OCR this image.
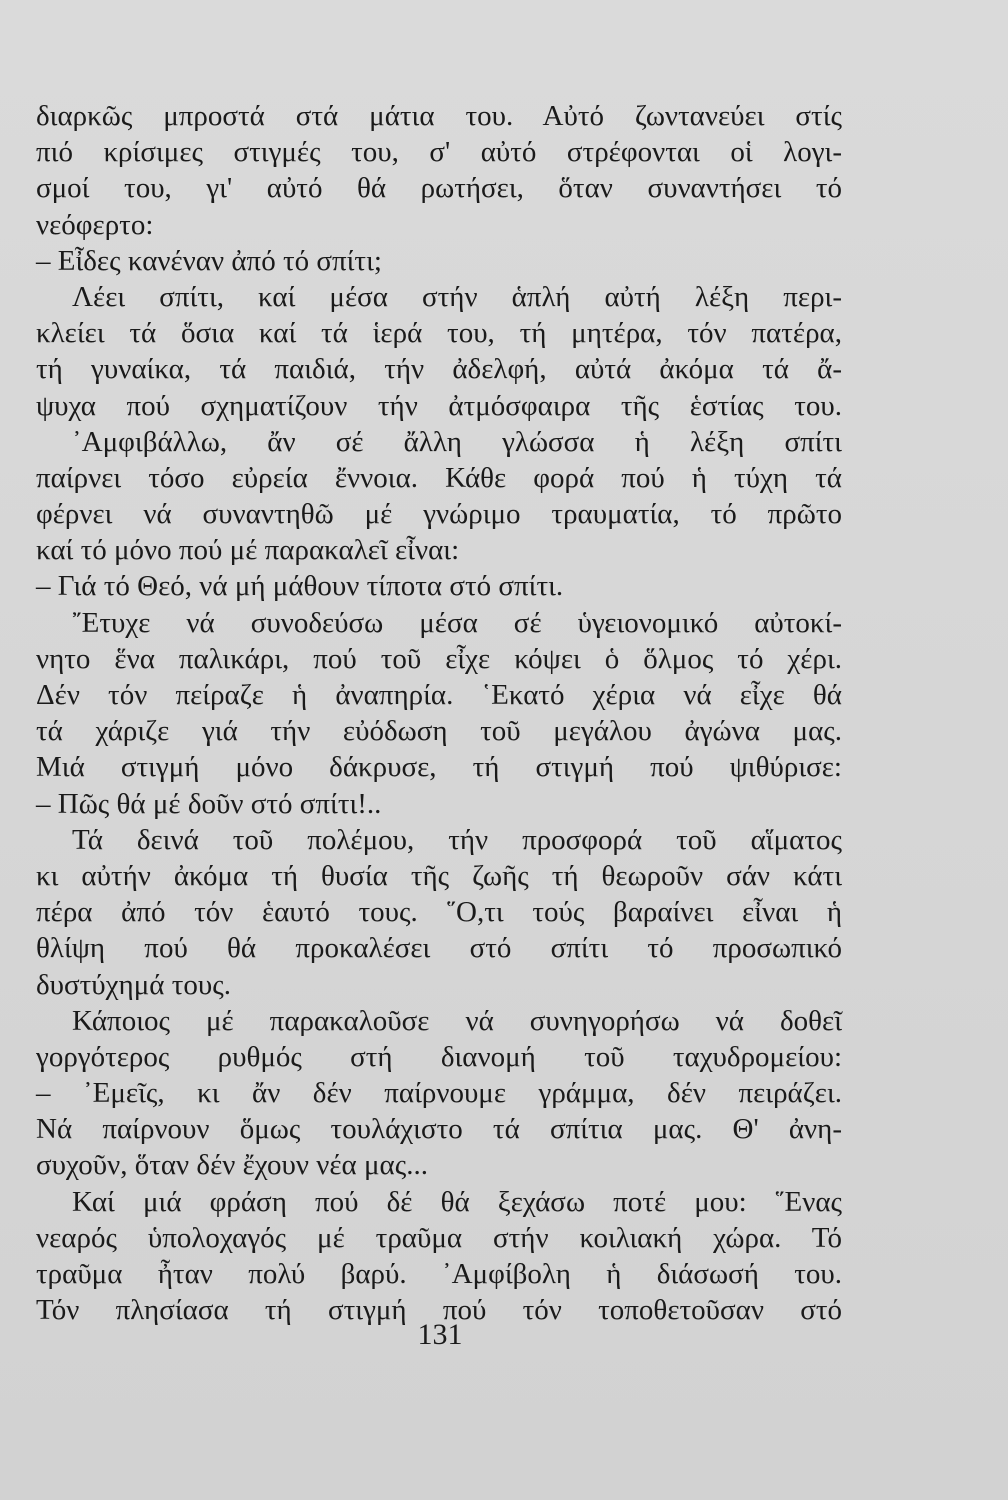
διαρκῶς μπροστά στά μάτια του. Αὐτό ζωντανεύει στίς
πιό κρίσιμες στιγμές του, σ' αὐτό στρέφονται οἱ λογι-
σμοί του, γι' αὐτό θά ρωτήσει, ὅταν συναντήσει τό
νεόφερτο:
– Εἶδες κανέναν ἀπό τό σπίτι;
Λέει σπίτι, καί μέσα στήν ἁπλή αὐτή λέξη περι-
κλείει τά ὅσια καί τά ἱερά του, τή μητέρα, τόν πατέρα,
τή γυναίκα, τά παιδιά, τήν ἀδελφή, αὐτά ἀκόμα τά ἄ-
ψυχα πού σχηματίζουν τήν ἀτμόσφαιρα τῆς ἑστίας του.
᾿Αμφιβάλλω, ἄν σέ ἄλλη γλώσσα ἡ λέξη σπίτι
παίρνει τόσο εὐρεία ἔννοια. Κάθε φορά πού ἡ τύχη τά
φέρνει νά συναντηθῶ μέ γνώριμο τραυματία, τό πρῶτο
καί τό μόνο πού μέ παρακαλεῖ εἶναι:
– Γιά τό Θεό, νά μή μάθουν τίποτα στό σπίτι.
῎Ετυχε νά συνοδεύσω μέσα σέ ὑγειονομικό αὐτοκί-
νητο ἕνα παλικάρι, πού τοῦ εἶχε κόψει ὁ ὅλμος τό χέρι.
Δέν τόν πείραζε ἡ ἀναπηρία. ῾Εκατό χέρια νά εἶχε θά
τά χάριζε γιά τήν εὐόδωση τοῦ μεγάλου ἀγώνα μας.
Μιά στιγμή μόνο δάκρυσε, τή στιγμή πού ψιθύρισε:
– Πῶς θά μέ δοῦν στό σπίτι!..
Τά δεινά τοῦ πολέμου, τήν προσφορά τοῦ αἵματος
κι αὐτήν ἀκόμα τή θυσία τῆς ζωῆς τή θεωροῦν σάν κάτι
πέρα ἀπό τόν ἑαυτό τους. ῞Ο,τι τούς βαραίνει εἶναι ἡ
θλίψη πού θά προκαλέσει στό σπίτι τό προσωπικό
δυστύχημά τους.
Κάποιος μέ παρακαλοῦσε νά συνηγορήσω νά δοθεῖ
γοργότερος ρυθμός στή διανομή τοῦ ταχυδρομείου:
– ᾿Εμεῖς, κι ἄν δέν παίρνουμε γράμμα, δέν πειράζει.
Νά παίρνουν ὅμως τουλάχιστο τά σπίτια μας. Θ' ἀνη-
συχοῦν, ὅταν δέν ἔχουν νέα μας...
Καί μιά φράση πού δέ θά ξεχάσω ποτέ μου: ῞Ενας
νεαρός ὑπολοχαγός μέ τραῦμα στήν κοιλιακή χώρα. Τό
τραῦμα ἦταν πολύ βαρύ. ᾿Αμφίβολη ἡ διάσωσή του.
Τόν πλησίασα τή στιγμή πού τόν τοποθετοῦσαν στό
131
